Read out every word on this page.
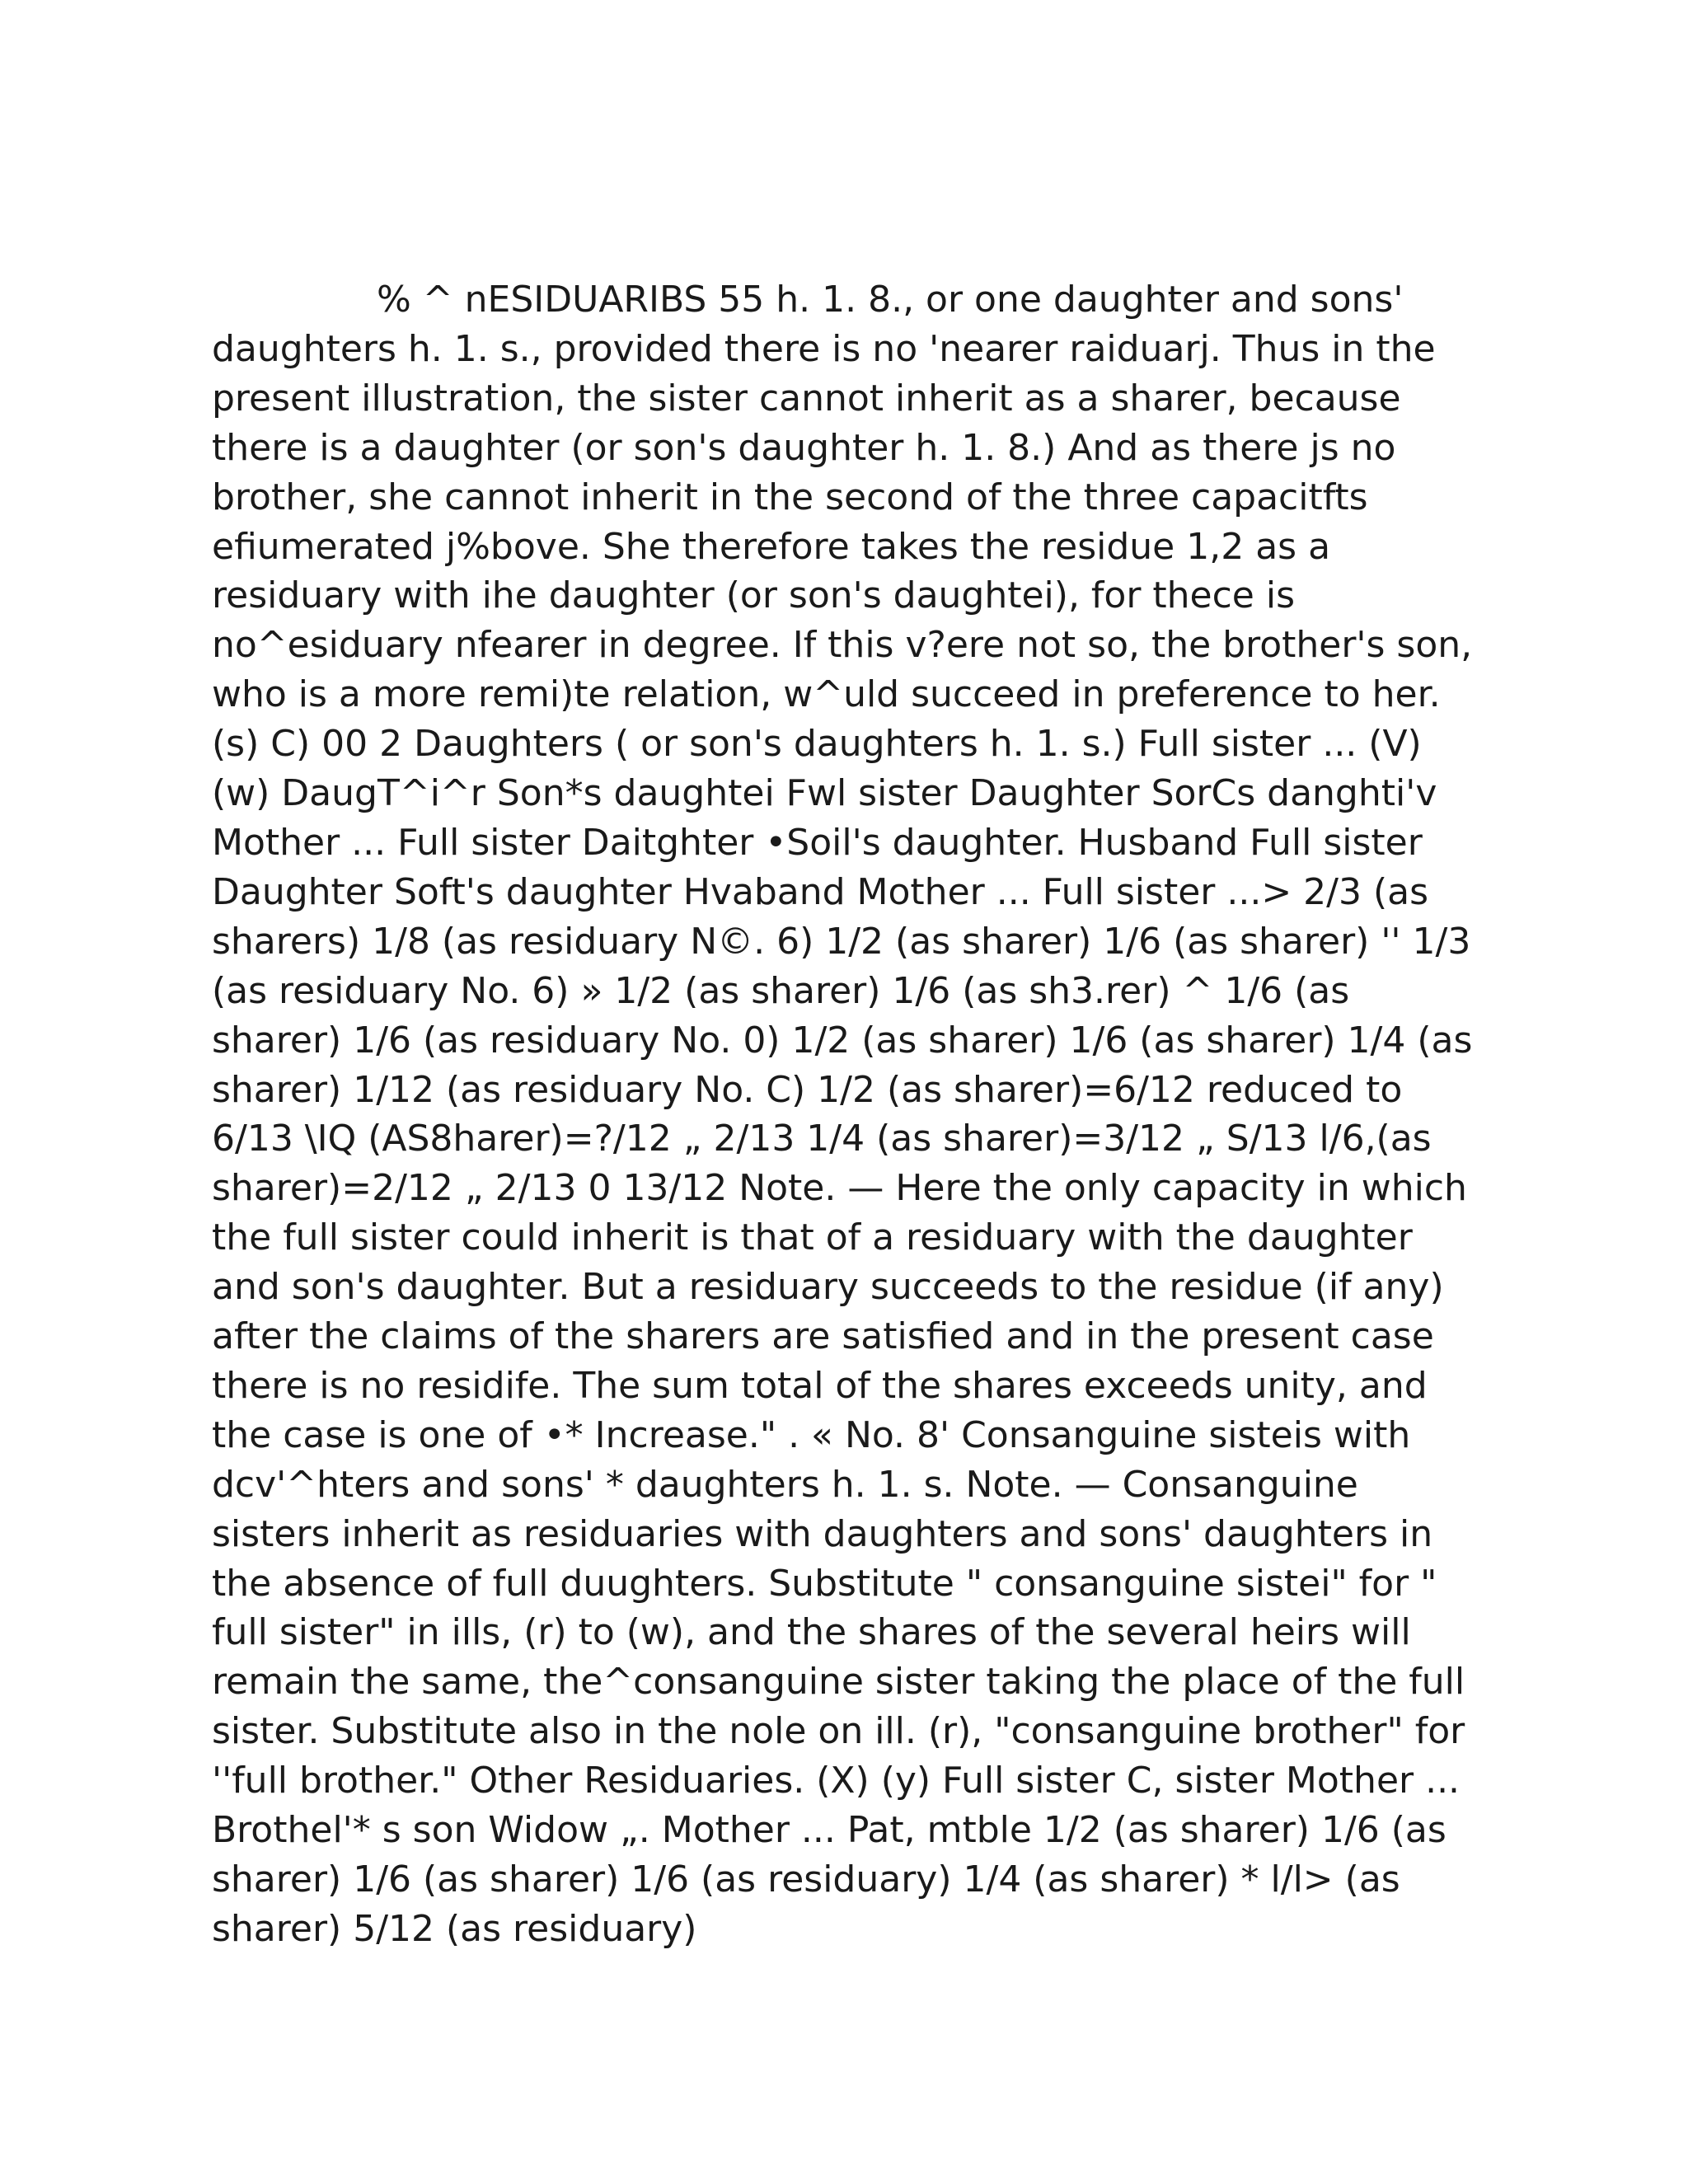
% ^ nESIDUARIBS 55 h. 1. 8., or one daughter and sons' daughters h. 1. s., provided there is no 'nearer raiduarj. Thus in the present illustration, the sister cannot inherit as a sharer, because there is a daughter (or son's daughter h. 1. 8.) And as there js no brother, she cannot inherit in the second of the three capacitfts efiumerated j%bove. She therefore takes the residue 1,2 as a residuary with ihe daughter (or son's daughtei), for thece is no^esiduary nfearer in degree. If this v?ere not so, the brother's son, who is a more remi)te relation, w^uld succeed in preference to her. (s) C) 00 2 Daughters ( or son's daughters h. 1. s.) Full sister ... (V) (w) DaugT^i^r Son*s daughtei Fwl sister Daughter SorCs danghti'v Mother ... Full sister Daitghter •Soil's daughter. Husband Full sister Daughter Soft's daughter Hvaband Mother ... Full sister ...> 2/3 (as sharers) 1/8 (as residuary N©. 6) 1/2 (as sharer) 1/6 (as sharer) '' 1/3 (as residuary No. 6) » 1/2 (as sharer) 1/6 (as sh3.rer) ^ 1/6 (as sharer) 1/6 (as residuary No. 0) 1/2 (as sharer) 1/6 (as sharer) 1/4 (as sharer) 1/12 (as residuary No. C) 1/2 (as sharer)=6/12 reduced to 6/13 \IQ (AS8harer)=?/12 „ 2/13 1/4 (as sharer)=3/12 „ S/13 l/6,(as sharer)=2/12 „ 2/13 0 13/12 Note. — Here the only capacity in which the full sister could inherit is that of a residuary with the daughter and son's daughter. But a residuary succeeds to the residue (if any) after the claims of the sharers are satisfied and in the present case there is no residife. The sum total of the shares exceeds unity, and the case is one of •* Increase." . « No. 8' Consanguine sisteis with dcv'^hters and sons' * daughters h. 1. s. Note. — Consanguine sisters inherit as residuaries with daughters and sons' daughters in the absence of full duughters. Substitute " consanguine sistei" for " full sister" in ills, (r) to (w), and the shares of the several heirs will remain the same, the^consanguine sister taking the place of the full sister. Substitute also in the nole on ill. (r), "consanguine brother" for ''full brother." Other Residuaries. (X) (y) Full sister C, sister Mother ... Brothel'* s son Widow „. Mother ... Pat, mtble 1/2 (as sharer) 1/6 (as sharer) 1/6 (as sharer) 1/6 (as residuary) 1/4 (as sharer) * l/l> (as sharer) 5/12 (as residuary)
